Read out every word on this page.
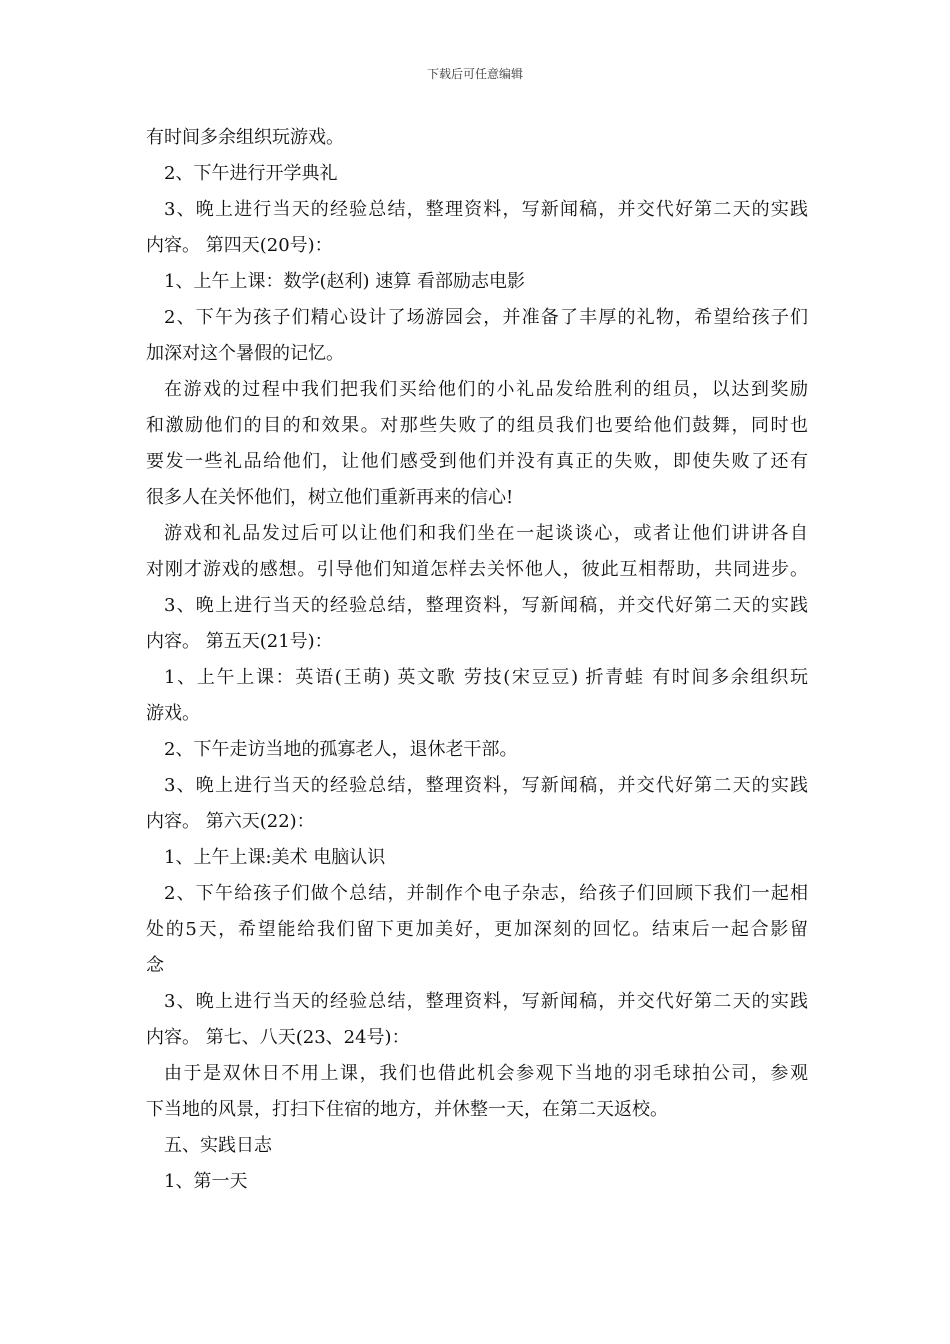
下载后可任意编辑
有时间多余组织玩游戏。
2、下午进行开学典礼
3、晚上进行当天的经验总结，整理资料，写新闻稿，并交代好第二天的实践
内容。 第四天(20号)：
1、上午上课：数学(赵利) 速算 看部励志电影
2、下午为孩子们精心设计了场游园会，并准备了丰厚的礼物，希望给孩子们
加深对这个暑假的记忆。
在游戏的过程中我们把我们买给他们的小礼品发给胜利的组员，以达到奖励
和激励他们的目的和效果。对那些失败了的组员我们也要给他们鼓舞，同时也
要发一些礼品给他们，让他们感受到他们并没有真正的失败，即使失败了还有
很多人在关怀他们，树立他们重新再来的信心!
游戏和礼品发过后可以让他们和我们坐在一起谈谈心，或者让他们讲讲各自
对刚才游戏的感想。引导他们知道怎样去关怀他人，彼此互相帮助，共同进步。
3、晚上进行当天的经验总结，整理资料，写新闻稿，并交代好第二天的实践
内容。 第五天(21号)：
1、上午上课：英语(王萌) 英文歌 劳技(宋豆豆) 折青蛙 有时间多余组织玩
游戏。
2、下午走访当地的孤寡老人，退休老干部。
3、晚上进行当天的经验总结，整理资料，写新闻稿，并交代好第二天的实践
内容。 第六天(22)：
1、上午上课:美术 电脑认识
2、下午给孩子们做个总结，并制作个电子杂志，给孩子们回顾下我们一起相
处的5天，希望能给我们留下更加美好，更加深刻的回忆。结束后一起合影留
念
3、晚上进行当天的经验总结，整理资料，写新闻稿，并交代好第二天的实践
内容。 第七、八天(23、24号)：
由于是双休日不用上课，我们也借此机会参观下当地的羽毛球拍公司，参观
下当地的风景，打扫下住宿的地方，并休整一天，在第二天返校。
五、实践日志
1、第一天
